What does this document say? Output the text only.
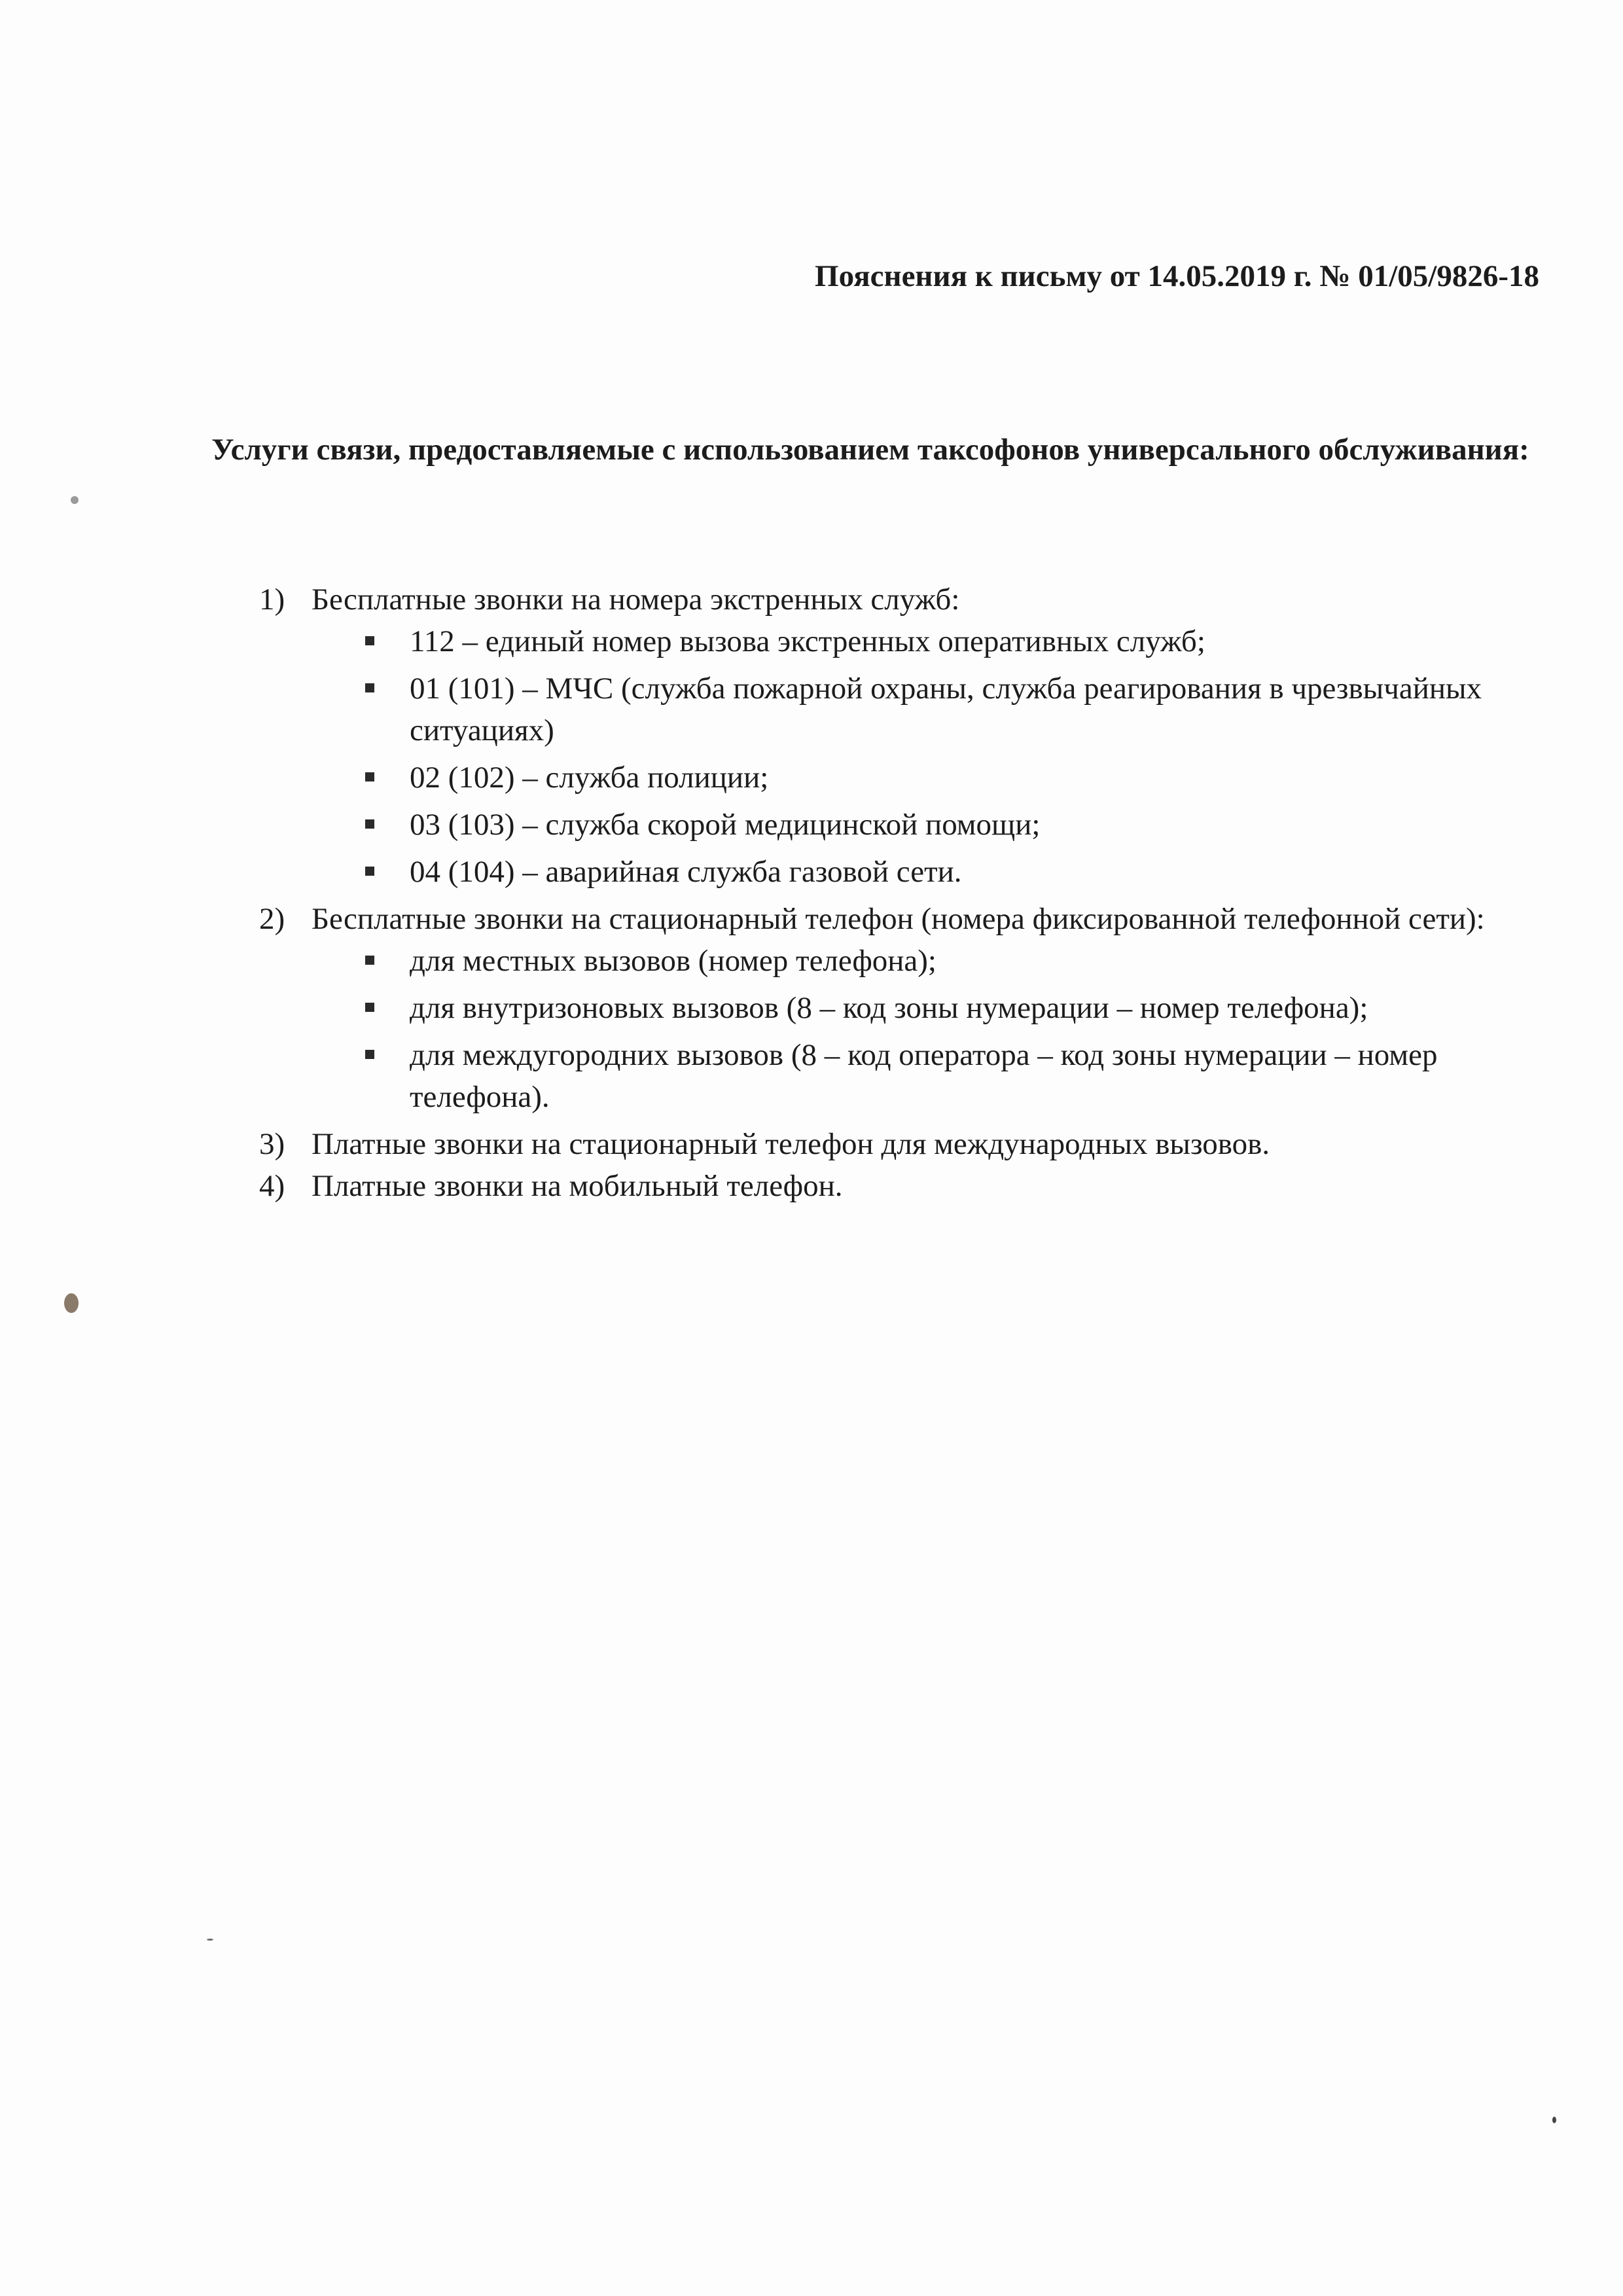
Пояснения к письму от 14.05.2019 г. № 01/05/9826-18
Услуги связи, предоставляемые с использованием таксофонов универсального обслуживания:
1) Бесплатные звонки на номера экстренных служб:
112 – единый номер вызова экстренных оперативных служб;
01 (101) – МЧС (служба пожарной охраны, служба реагирования в чрезвычайных ситуациях)
02 (102) – служба полиции;
03 (103) – служба скорой медицинской помощи;
04 (104) – аварийная служба газовой сети.
2) Бесплатные звонки на стационарный телефон (номера фиксированной телефонной сети):
для местных вызовов (номер телефона);
для внутризоновых вызовов (8 – код зоны нумерации – номер телефона);
для междугородних вызовов (8 – код оператора – код зоны нумерации – номер телефона).
3) Платные звонки на стационарный телефон для международных вызовов.
4) Платные звонки на мобильный телефон.
